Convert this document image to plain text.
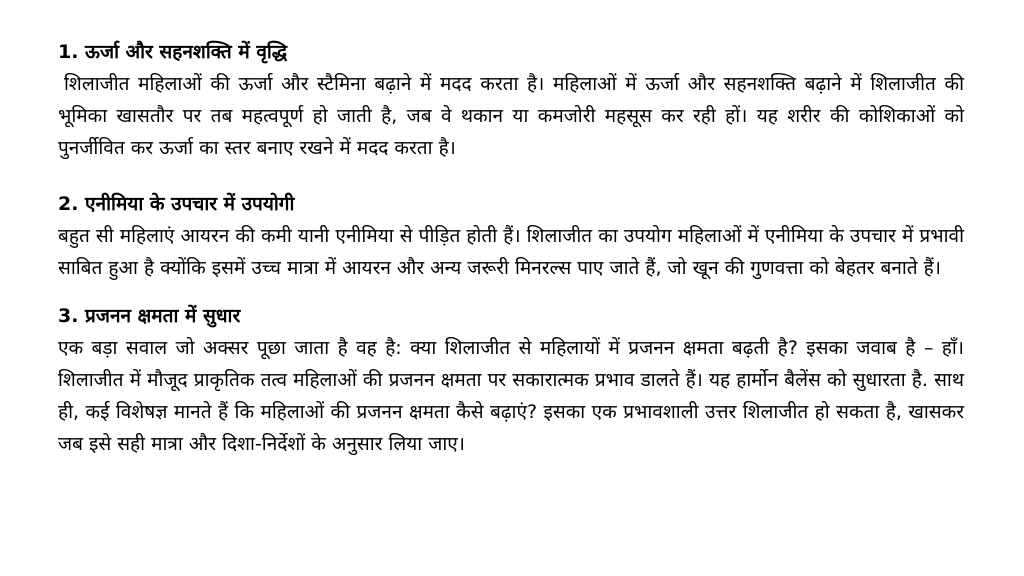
1. ऊर्जा और सहनशक्ति में वृद्धि

शिलाजीत महिलाओं की ऊर्जा और स्टैमिना बढ़ाने में मदद करता है। महिलाओं में ऊर्जा और सहनशक्ति बढ़ाने में शिलाजीत की भूमिका खासतौर पर तब महत्वपूर्ण हो जाती है, जब वे थकान या कमजोरी महसूस कर रही हों। यह शरीर की कोशिकाओं को पुनर्जीवित कर ऊर्जा का स्तर बनाए रखने में मदद करता है।

2. एनीमिया के उपचार में उपयोगी

बहुत सी महिलाएं आयरन की कमी यानी एनीमिया से पीड़ित होती हैं। शिलाजीत का उपयोग महिलाओं में एनीमिया के उपचार में प्रभावी साबित हुआ है क्योंकि इसमें उच्च मात्रा में आयरन और अन्य जरूरी मिनरल्स पाए जाते हैं, जो खून की गुणवत्ता को बेहतर बनाते हैं।

3. प्रजनन क्षमता में सुधार

एक बड़ा सवाल जो अक्सर पूछा जाता है वह है: क्या शिलाजीत से महिलायों में प्रजनन क्षमता बढ़ती है? इसका जवाब है – हाँ। शिलाजीत में मौजूद प्राकृतिक तत्व महिलाओं की प्रजनन क्षमता पर सकारात्मक प्रभाव डालते हैं। यह हार्मोन बैलेंस को सुधारता है. साथ ही, कई विशेषज्ञ मानते हैं कि महिलाओं की प्रजनन क्षमता कैसे बढ़ाएं? इसका एक प्रभावशाली उत्तर शिलाजीत हो सकता है, खासकर जब इसे सही मात्रा और दिशा-निर्देशों के अनुसार लिया जाए।
